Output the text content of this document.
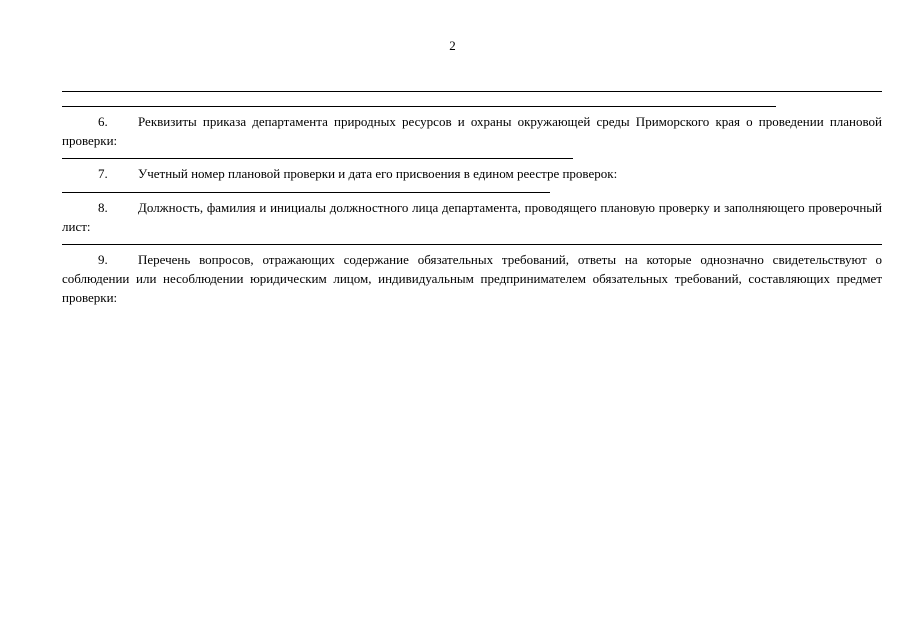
2

6. Реквизиты приказа департамента природных ресурсов и охраны окружающей среды Приморского края о проведении плановой проверки:

7. Учетный номер плановой проверки и дата его присвоения в едином реестре проверок:

8. Должность, фамилия и инициалы должностного лица департамента, проводящего плановую проверку и заполняющего проверочный лист:

9. Перечень вопросов, отражающих содержание обязательных требований, ответы на которые однозначно свидетельствуют о соблюдении или несоблюдении юридическим лицом, индивидуальным предпринимателем обязательных требований, составляющих предмет проверки:
